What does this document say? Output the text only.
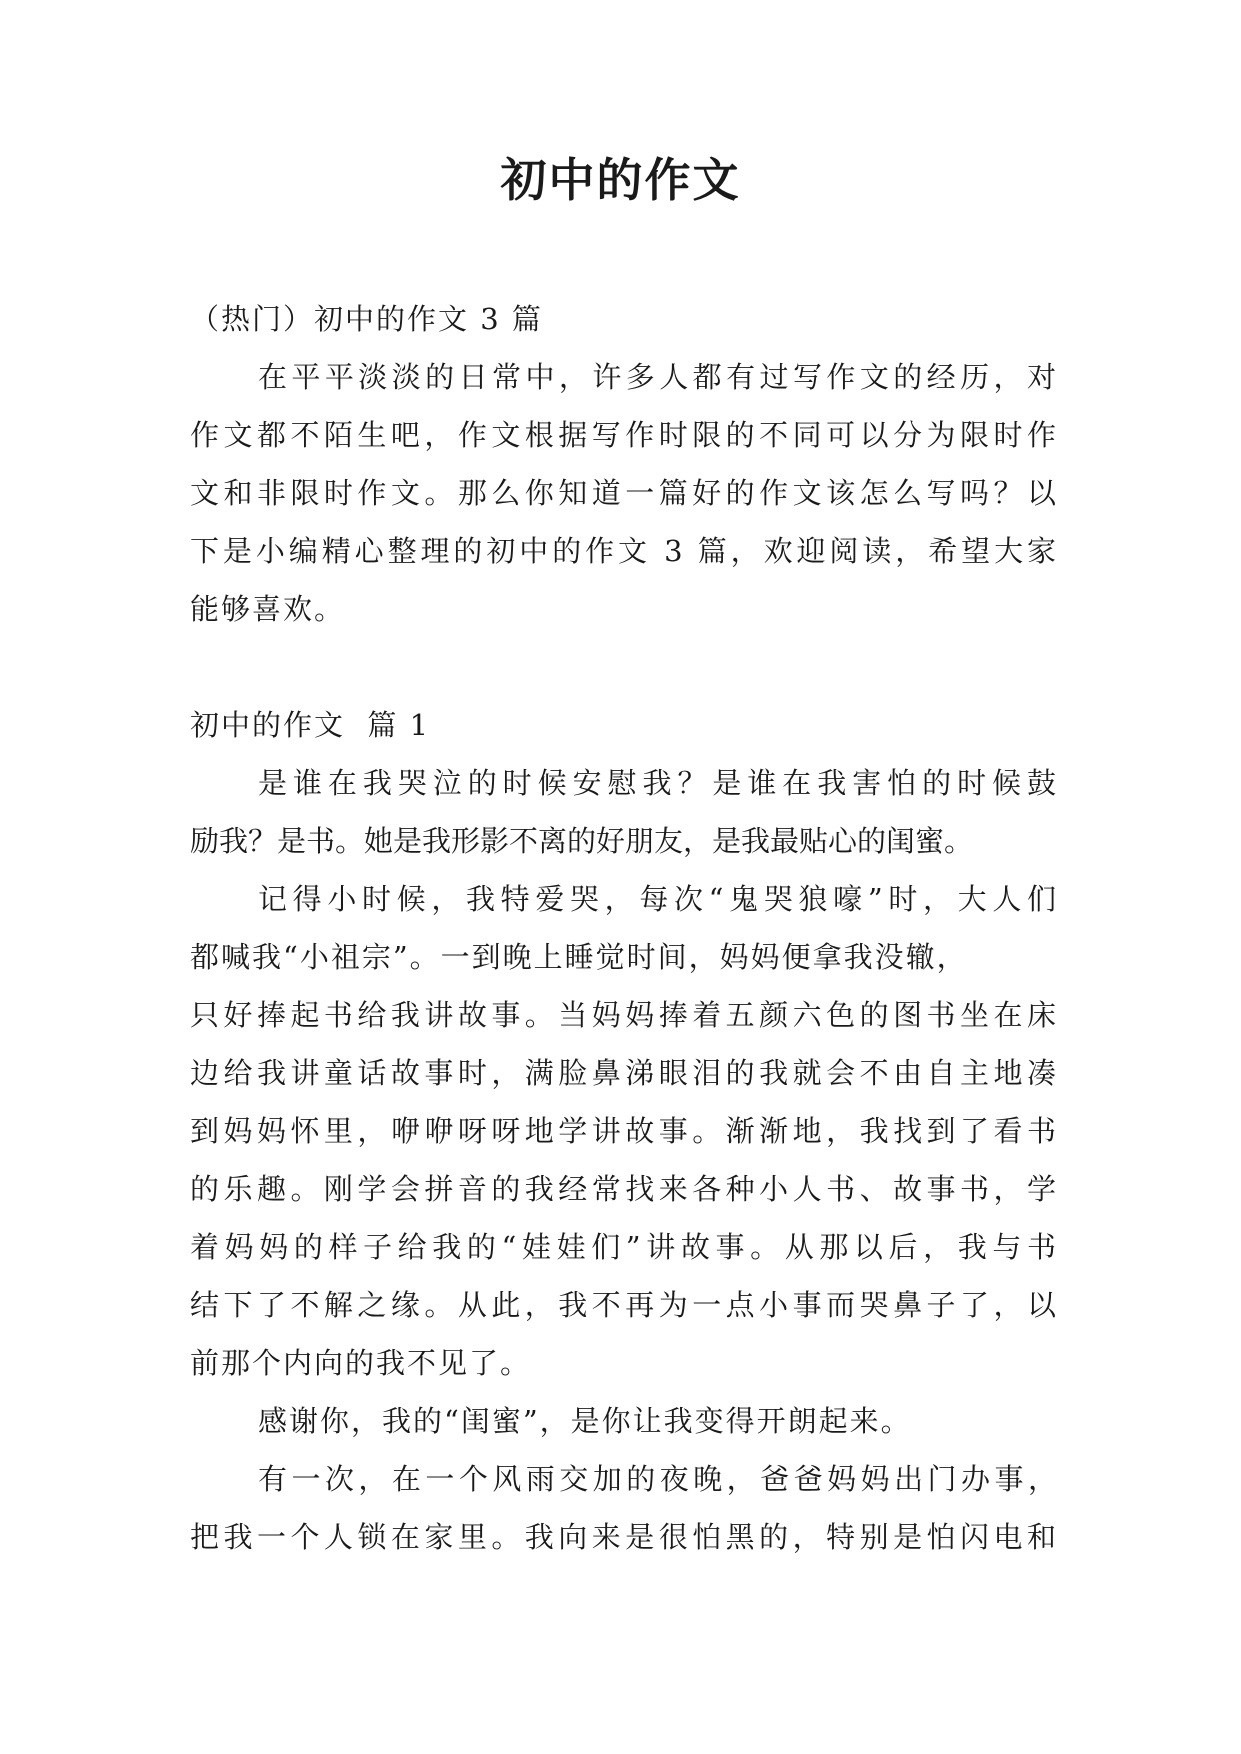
初中的作文

（热门）初中的作文 3 篇

在平平淡淡的日常中，许多人都有过写作文的经历，对

作文都不陌生吧，作文根据写作时限的不同可以分为限时作

文和非限时作文。那么你知道一篇好的作文该怎么写吗？以

下是小编精心整理的初中的作文 3 篇，欢迎阅读，希望大家

能够喜欢。

初中的作文  篇 1

是谁在我哭泣的时候安慰我？是谁在我害怕的时候鼓

励我？是书。她是我形影不离的好朋友，是我最贴心的闺蜜。

记得小时候，我特爱哭，每次“鬼哭狼嚎”时，大人们

都喊我“小祖宗”。一到晚上睡觉时间，妈妈便拿我没辙，

只好捧起书给我讲故事。当妈妈捧着五颜六色的图书坐在床

边给我讲童话故事时，满脸鼻涕眼泪的我就会不由自主地凑

到妈妈怀里，咿咿呀呀地学讲故事。渐渐地，我找到了看书

的乐趣。刚学会拼音的我经常找来各种小人书、故事书，学

着妈妈的样子给我的“娃娃们”讲故事。从那以后，我与书

结下了不解之缘。从此，我不再为一点小事而哭鼻子了，以

前那个内向的我不见了。

感谢你，我的“闺蜜”，是你让我变得开朗起来。

有一次，在一个风雨交加的夜晚，爸爸妈妈出门办事，

把我一个人锁在家里。我向来是很怕黑的，特别是怕闪电和
